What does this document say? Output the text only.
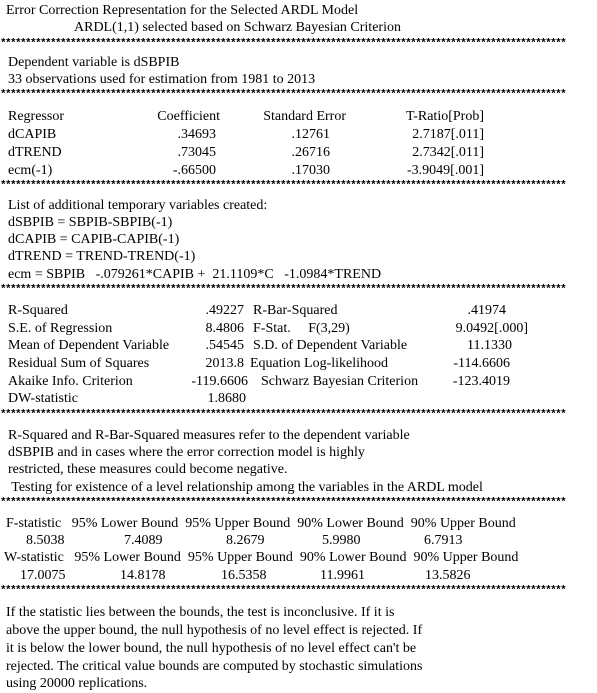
Error Correction Representation for the Selected ARDL Model
ARDL(1,1) selected based on Schwarz Bayesian Criterion
*****************************************************************************************************************
Dependent variable is dSBPIB
33 observations used for estimation from 1981 to 2013
*****************************************************************************************************************
Regressor	Coefficient	Standard Error	T-Ratio[Prob]
dCAPIB	.34693	.12761	2.7187[.011]
dTREND	.73045	.26716	2.7342[.011]
ecm(-1)	-.66500	.17030	-3.9049[.001]
*****************************************************************************************************************
List of additional temporary variables created:
dSBPIB = SBPIB-SBPIB(-1)
dCAPIB = CAPIB-CAPIB(-1)
dTREND = TREND-TREND(-1)
ecm = SBPIB   -.079261*CAPIB +  21.1109*C   -1.0984*TREND
*****************************************************************************************************************
R-Squared	.49227 R-Bar-Squared	.41974
S.E. of Regression	8.4806 F-Stat.     F(3,29)	9.0492[.000]
Mean of Dependent Variable	.54545 S.D. of Dependent Variable	11.1330
Residual Sum of Squares	2013.8 Equation Log-likelihood	-114.6606
Akaike Info. Criterion	-119.6606 Schwarz Bayesian Criterion	-123.4019
DW-statistic	1.8680
*****************************************************************************************************************
R-Squared and R-Bar-Squared measures refer to the dependent variable
dSBPIB and in cases where the error correction model is highly
restricted, these measures could become negative.
Testing for existence of a level relationship among the variables in the ARDL model
*****************************************************************************************************************
F-statistic   95% Lower Bound  95% Upper Bound  90% Lower Bound  90% Upper Bound
8.5038	7.4089	8.2679	5.9980	6.7913
W-statistic   95% Lower Bound  95% Upper Bound  90% Lower Bound  90% Upper Bound
17.0075	14.8178	16.5358	11.9961	13.5826
*****************************************************************************************************************
If the statistic lies between the bounds, the test is inconclusive. If it is
above the upper bound, the null hypothesis of no level effect is rejected. If
it is below the lower bound, the null hypothesis of no level effect can't be
rejected. The critical value bounds are computed by stochastic simulations
using 20000 replications.
